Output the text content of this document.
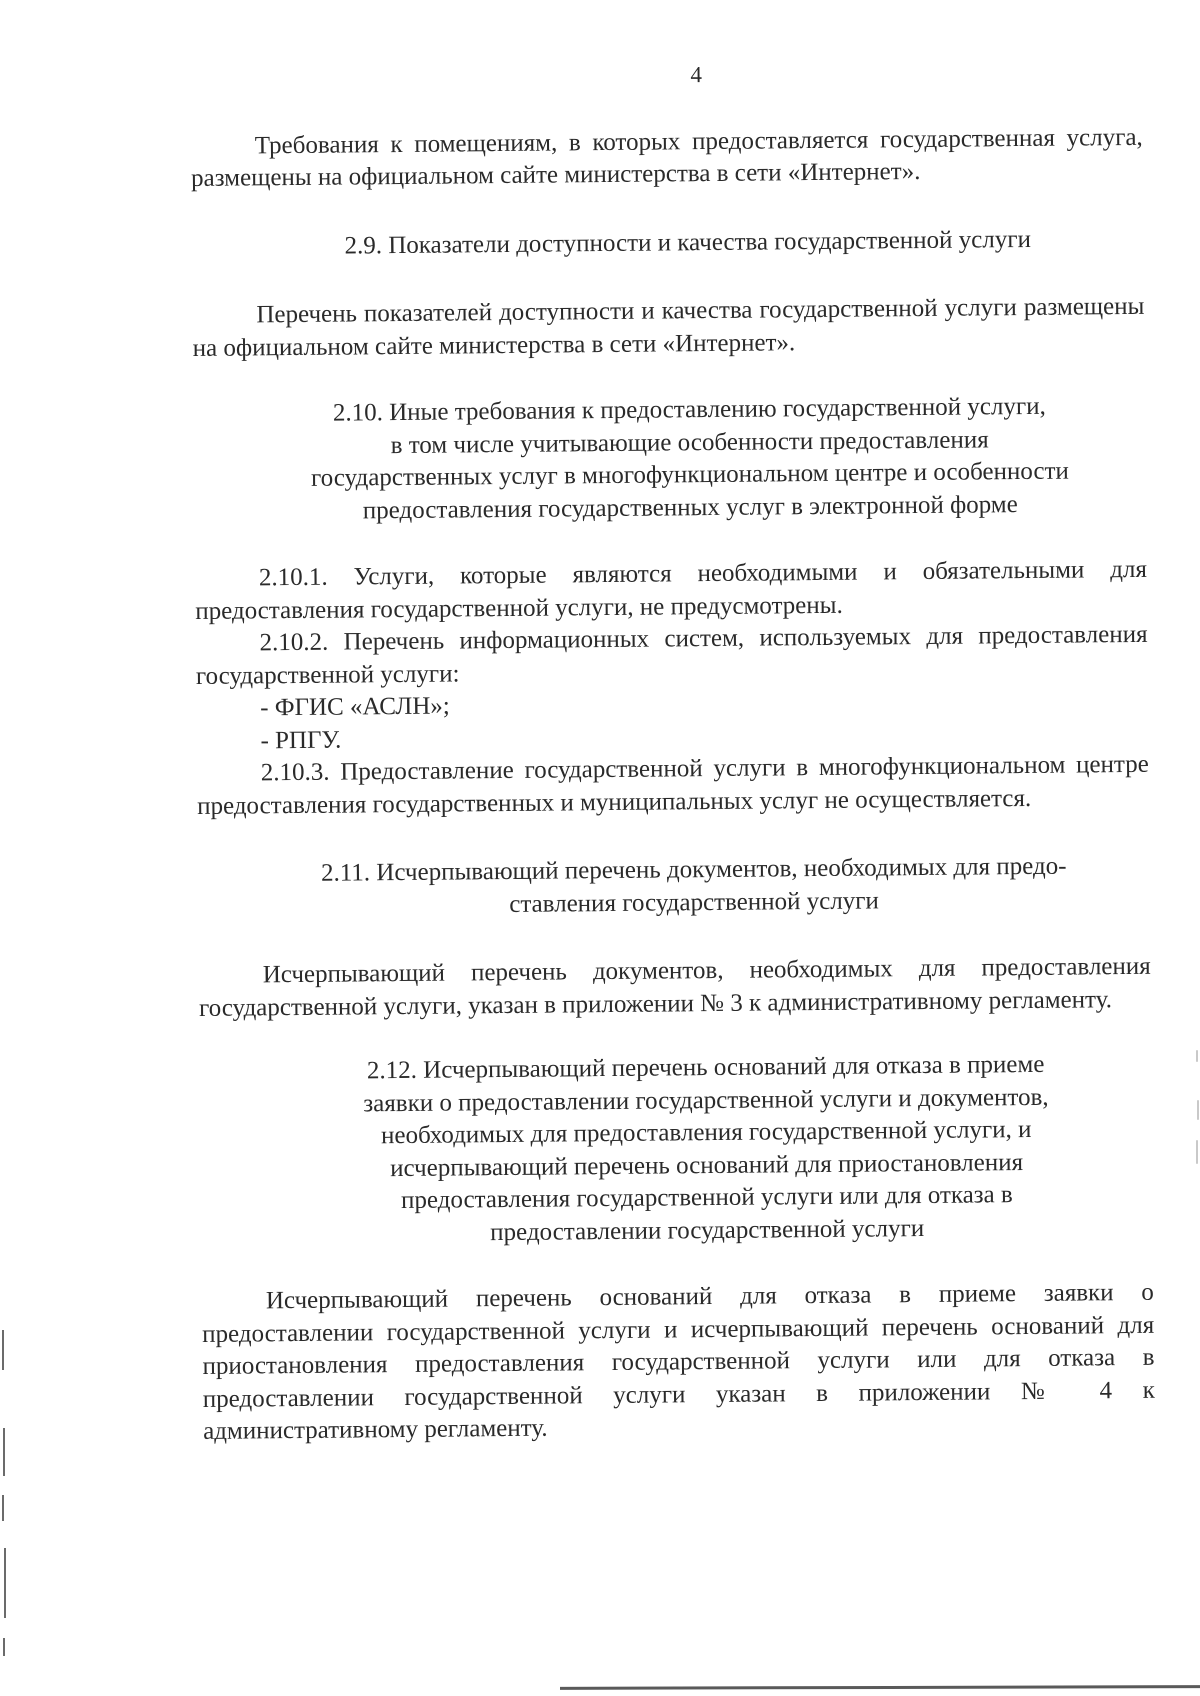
4

Требования к помещениям, в которых предоставляется государственная услуга, размещены на официальном сайте министерства в сети «Интернет».

2.9. Показатели доступности и качества государственной услуги

Перечень показателей доступности и качества государственной услуги размещены на официальном сайте министерства в сети «Интернет».

2.10. Иные требования к предоставлению государственной услуги,
в том числе учитывающие особенности предоставления
государственных услуг в многофункциональном центре и особенности
предоставления государственных услуг в электронной форме

2.10.1. Услуги, которые являются необходимыми и обязательными для предоставления государственной услуги, не предусмотрены.

2.10.2. Перечень информационных систем, используемых для предоставления государственной услуги:

- ФГИС «АСЛН»;

- РПГУ.

2.10.3. Предоставление государственной услуги в многофункциональном центре предоставления государственных и муниципальных услуг не осуществляется.

2.11. Исчерпывающий перечень документов, необходимых для предо-
ставления государственной услуги

Исчерпывающий перечень документов, необходимых для предоставления государственной услуги, указан в приложении № 3 к административному регламенту.

2.12. Исчерпывающий перечень оснований для отказа в приеме
заявки о предоставлении государственной услуги и документов,
необходимых для предоставления государственной услуги, и
исчерпывающий перечень оснований для приостановления
предоставления государственной услуги или для отказа в
предоставлении государственной услуги

Исчерпывающий перечень оснований для отказа в приеме заявки о предоставлении государственной услуги и исчерпывающий перечень оснований для приостановления предоставления государственной услуги или для отказа в предоставлении государственной услуги указан в приложении № 4 к административному регламенту.
